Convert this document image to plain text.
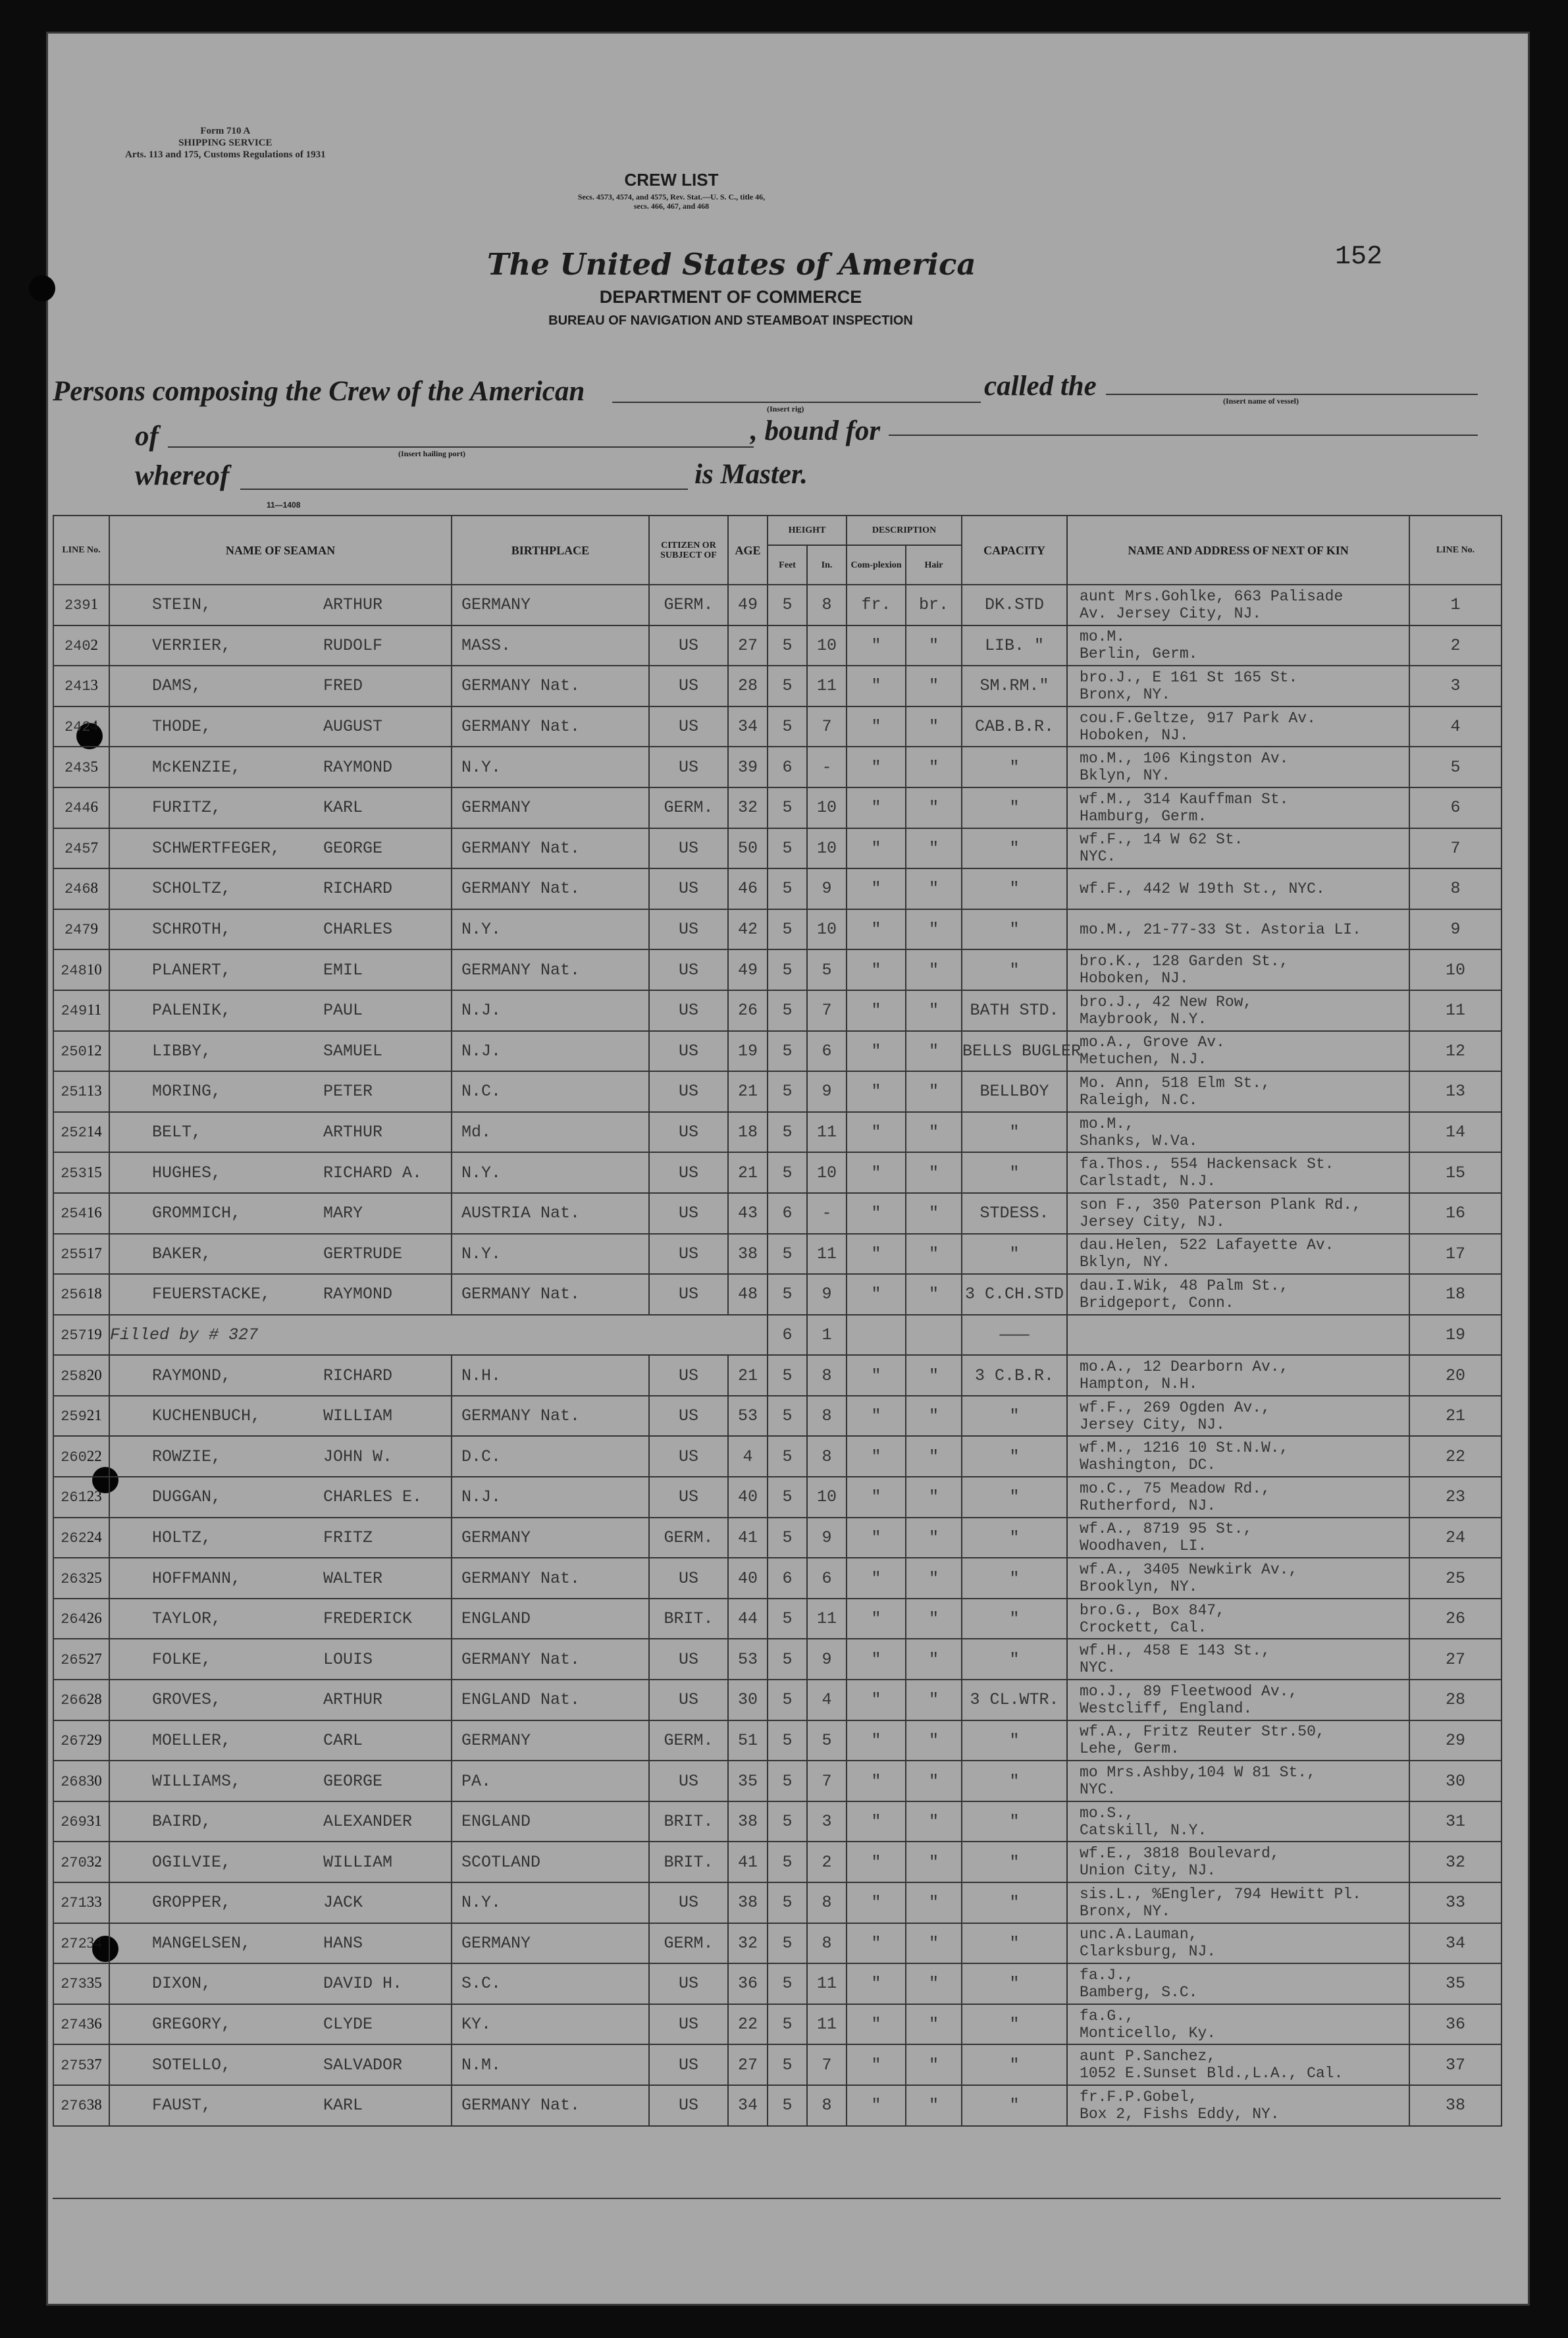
Form 710 A
SHIPPING SERVICE
Arts. 113 and 175, Customs Regulations of 1931
CREW LIST
Secs. 4573, 4574, and 4575, Rev. Stat.—U. S. C., title 46,
secs. 466, 467, and 468
152
The United States of America
DEPARTMENT OF COMMERCE
BUREAU OF NAVIGATION AND STEAMBOAT INSPECTION
Persons composing the Crew of the American
(Insert rig)
called the	(Insert name of vessel)
of
(Insert hailing port)
, bound for
whereof	is Master.
11—1408
LINE No.	NAME OF SEAMAN	BIRTHPLACE	CITIZEN OR SUBJECT OF	AGE	HEIGHT		DESCRIPTION		CAPACITY	NAME AND ADDRESS OF NEXT OF KIN	LINE No.
					Feet	In.	Com-plexion	Hair			
2391	STEIN, ARTHUR	GERMANY	GERM.	49	5	8	fr.	br.	DK.STD	aunt Mrs.Gohlke, 663 Palisade
Av. Jersey City, NJ.	1
2402	VERRIER, RUDOLF	MASS.	US	27	5	10	"	"	LIB. "	mo.M.
Berlin, Germ.	2
2413	DAMS, FRED	GERMANY Nat.	US	28	5	11	"	"	SM.RM."	bro.J., E 161 St 165 St.
Bronx, NY.	3
2424	THODE, AUGUST	GERMANY Nat.	US	34	5	7	"	"	CAB.B.R.	cou.F.Geltze, 917 Park Av.
Hoboken, NJ.	4
2435	McKENZIE, RAYMOND	N.Y.	US	39	6	-	"	"	"	mo.M., 106 Kingston Av.
Bklyn, NY.	5
2446	FURITZ, KARL	GERMANY	GERM.	32	5	10	"	"	"	wf.M., 314 Kauffman St.
Hamburg, Germ.	6
2457	SCHWERTFEGER, GEORGE	GERMANY Nat.	US	50	5	10	"	"	"	wf.F., 14 W 62 St.
NYC.	7
2468	SCHOLTZ, RICHARD	GERMANY Nat.	US	46	5	9	"	"	"	wf.F., 442 W 19th St., NYC.	8
2479	SCHROTH, CHARLES	N.Y.	US	42	5	10	"	"	"	mo.M., 21-77-33 St. Astoria LI.	9
24810	PLANERT, EMIL	GERMANY Nat.	US	49	5	5	"	"	"	bro.K., 128 Garden St.,
Hoboken, NJ.	10
24911	PALENIK, PAUL	N.J.	US	26	5	7	"	"	BATH STD.	bro.J., 42 New Row,
Maybrook, N.Y.	11
25012	LIBBY, SAMUEL	N.J.	US	19	5	6	"	"	BELLS BUGLER	mo.A., Grove Av.
Metuchen, N.J.	12
25113	MORING, PETER	N.C.	US	21	5	9	"	"	BELLBOY	Mo. Ann, 518 Elm St.,
Raleigh, N.C.	13
25214	BELT, ARTHUR	Md.	US	18	5	11	"	"	"	mo.M.,
Shanks, W.Va.	14
25315	HUGHES, RICHARD A.	N.Y.	US	21	5	10	"	"	"	fa.Thos., 554 Hackensack St.
Carlstadt, N.J.	15
25416	GROMMICH, MARY	AUSTRIA Nat.	US	43	6	-	"	"	STDESS.	son F., 350 Paterson Plank Rd.,
Jersey City, NJ.	16
25517	BAKER, GERTRUDE	N.Y.	US	38	5	11	"	"	"	dau.Helen, 522 Lafayette Av.
Bklyn, NY.	17
25618	FEUERSTACKE, RAYMOND	GERMANY Nat.	US	48	5	9	"	"	3 C.CH.STD	dau.I.Wik, 48 Palm St.,
Bridgeport, Conn.	18
25719	Filled by # 327				6	1			———		19
25820	RAYMOND, RICHARD	N.H.	US	21	5	8	"	"	3 C.B.R.	mo.A., 12 Dearborn Av.,
Hampton, N.H.	20
25921	KUCHENBUCH, WILLIAM	GERMANY Nat.	US	53	5	8	"	"	"	wf.F., 269 Ogden Av.,
Jersey City, NJ.	21
26022	ROWZIE, JOHN W.	D.C.	US	4	5	8	"	"	"	wf.M., 1216 10 St.N.W.,
Washington, DC.	22
26123	DUGGAN, CHARLES E.	N.J.	US	40	5	10	"	"	"	mo.C., 75 Meadow Rd.,
Rutherford, NJ.	23
26224	HOLTZ, FRITZ	GERMANY	GERM.	41	5	9	"	"	"	wf.A., 8719 95 St.,
Woodhaven, LI.	24
26325	HOFFMANN, WALTER	GERMANY Nat.	US	40	6	6	"	"	"	wf.A., 3405 Newkirk Av.,
Brooklyn, NY.	25
26426	TAYLOR, FREDERICK	ENGLAND	BRIT.	44	5	11	"	"	"	bro.G., Box 847,
Crockett, Cal.	26
26527	FOLKE, LOUIS	GERMANY Nat.	US	53	5	9	"	"	"	wf.H., 458 E 143 St.,
NYC.	27
26628	GROVES, ARTHUR	ENGLAND Nat.	US	30	5	4	"	"	3 CL.WTR.	mo.J., 89 Fleetwood Av.,
Westcliff, England.	28
26729	MOELLER, CARL	GERMANY	GERM.	51	5	5	"	"	"	wf.A., Fritz Reuter Str.50,
Lehe, Germ.	29
26830	WILLIAMS, GEORGE	PA.	US	35	5	7	"	"	"	mo Mrs.Ashby,104 W 81 St.,
NYC.	30
26931	BAIRD, ALEXANDER	ENGLAND	BRIT.	38	5	3	"	"	"	mo.S.,
Catskill, N.Y.	31
27032	OGILVIE, WILLIAM	SCOTLAND	BRIT.	41	5	2	"	"	"	wf.E., 3818 Boulevard,
Union City, NJ.	32
27133	GROPPER, JACK	N.Y.	US	38	5	8	"	"	"	sis.L., %Engler, 794 Hewitt Pl.
Bronx, NY.	33
27234	MANGELSEN, HANS	GERMANY	GERM.	32	5	8	"	"	"	unc.A.Lauman,
Clarksburg, NJ.	34
27335	DIXON, DAVID H.	S.C.	US	36	5	11	"	"	"	fa.J.,
Bamberg, S.C.	35
27436	GREGORY, CLYDE	KY.	US	22	5	11	"	"	"	fa.G.,
Monticello, Ky.	36
27537	SOTELLO, SALVADOR	N.M.	US	27	5	7	"	"	"	aunt P.Sanchez,
1052 E.Sunset Bld.,L.A., Cal.	37
27638	FAUST, KARL	GERMANY Nat.	US	34	5	8	"	"	"	fr.F.P.Gobel,
Box 2, Fishs Eddy, NY.	38
